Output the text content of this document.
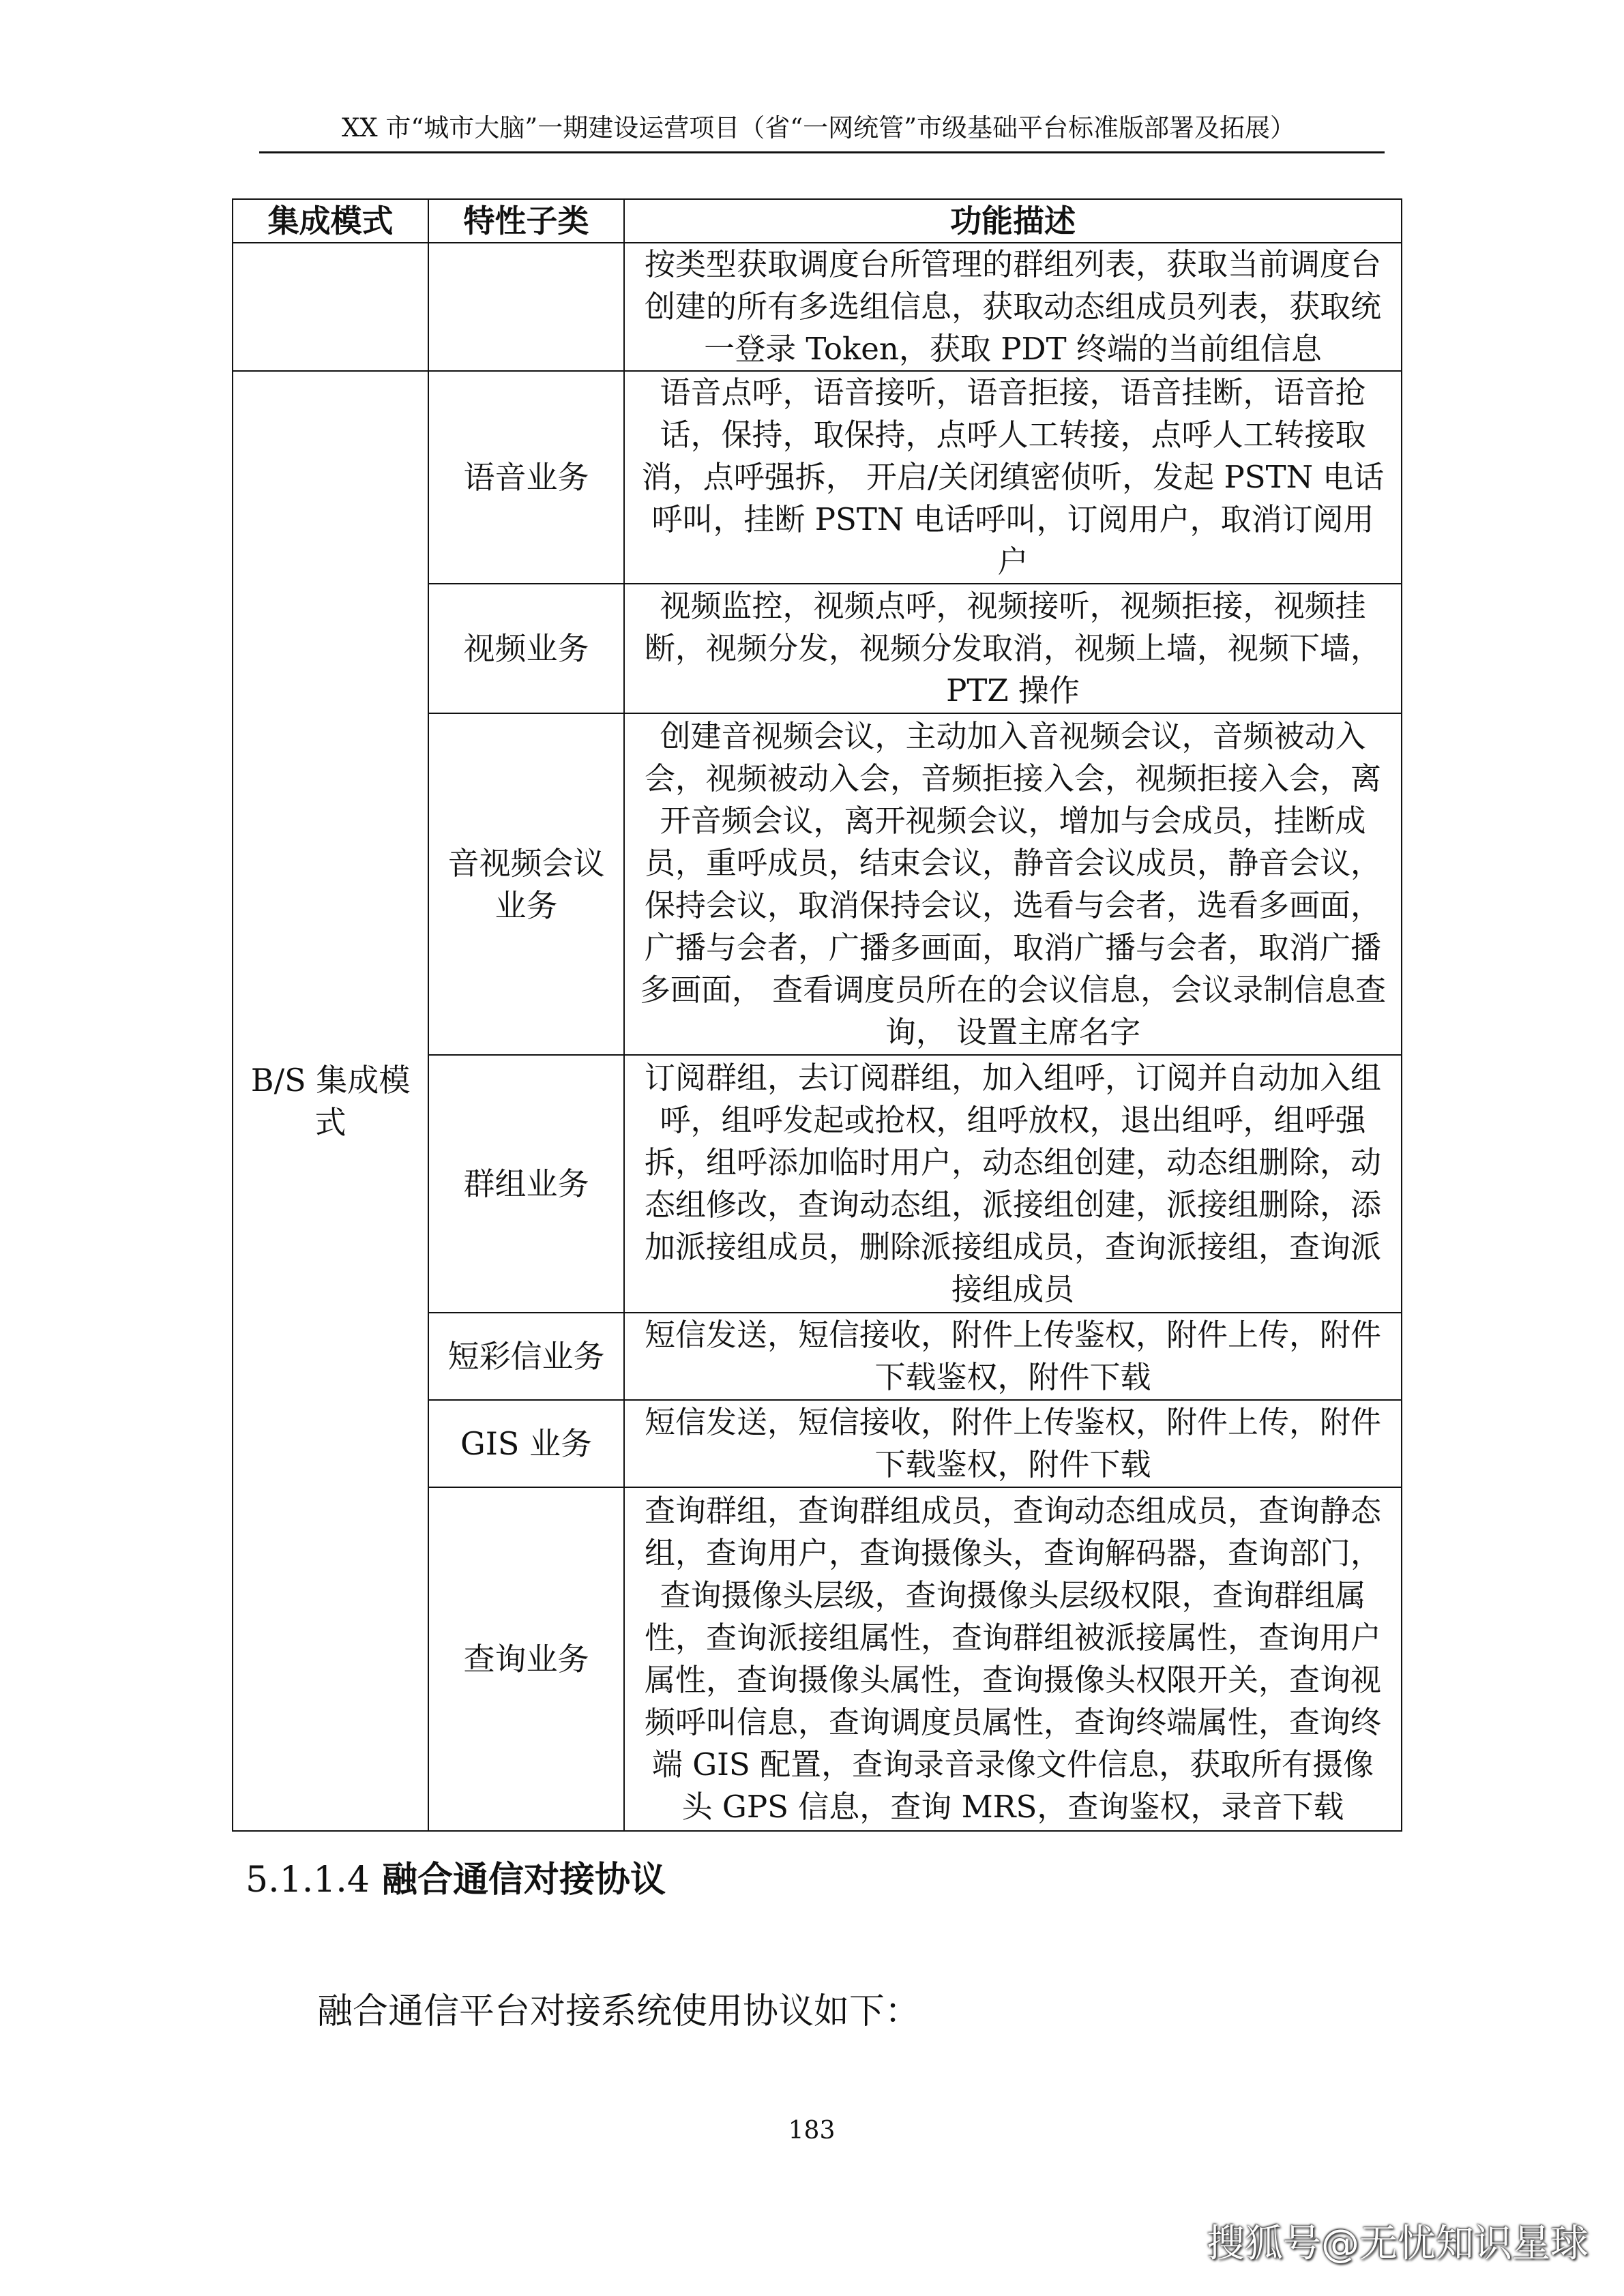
XX 市“城市大脑”一期建设运营项目（省“一网统管”市级基础平台标准版部署及拓展）
集成模式	特性子类	功能描述
		按类型获取调度台所管理的群组列表，获取当前调度台创建的所有多选组信息，获取动态组成员列表，获取统一登录 Token，获取 PDT 终端的当前组信息
B/S 集成模式	语音业务	语音点呼，语音接听，语音拒接，语音挂断，语音抢话，保持，取保持，点呼人工转接，点呼人工转接取消，点呼强拆， 开启/关闭缜密侦听，发起 PSTN 电话呼叫，挂断 PSTN 电话呼叫，订阅用户，取消订阅用户
	视频业务	视频监控，视频点呼，视频接听，视频拒接，视频挂断，视频分发，视频分发取消，视频上墙，视频下墙，PTZ 操作
	音视频会议业务	创建音视频会议，主动加入音视频会议，音频被动入会，视频被动入会，音频拒接入会，视频拒接入会，离开音频会议，离开视频会议，增加与会成员，挂断成员，重呼成员，结束会议，静音会议成员，静音会议，保持会议，取消保持会议，选看与会者，选看多画面，广播与会者，广播多画面，取消广播与会者，取消广播多画面， 查看调度员所在的会议信息，会议录制信息查询， 设置主席名字
	群组业务	订阅群组，去订阅群组，加入组呼，订阅并自动加入组呼，组呼发起或抢权，组呼放权，退出组呼，组呼强拆，组呼添加临时用户，动态组创建，动态组删除，动态组修改，查询动态组，派接组创建，派接组删除，添加派接组成员，删除派接组成员，查询派接组，查询派接组成员
	短彩信业务	短信发送，短信接收，附件上传鉴权，附件上传，附件下载鉴权，附件下载
	GIS 业务	短信发送，短信接收，附件上传鉴权，附件上传，附件下载鉴权，附件下载
	查询业务	查询群组，查询群组成员，查询动态组成员，查询静态组，查询用户，查询摄像头，查询解码器，查询部门，查询摄像头层级，查询摄像头层级权限，查询群组属性，查询派接组属性，查询群组被派接属性，查询用户属性，查询摄像头属性，查询摄像头权限开关，查询视频呼叫信息，查询调度员属性，查询终端属性，查询终端 GIS 配置，查询录音录像文件信息，获取所有摄像头 GPS 信息，查询 MRS，查询鉴权，录音下载
5.1.1.4 融合通信对接协议
融合通信平台对接系统使用协议如下：
183
搜狐号@无忧知识星球
